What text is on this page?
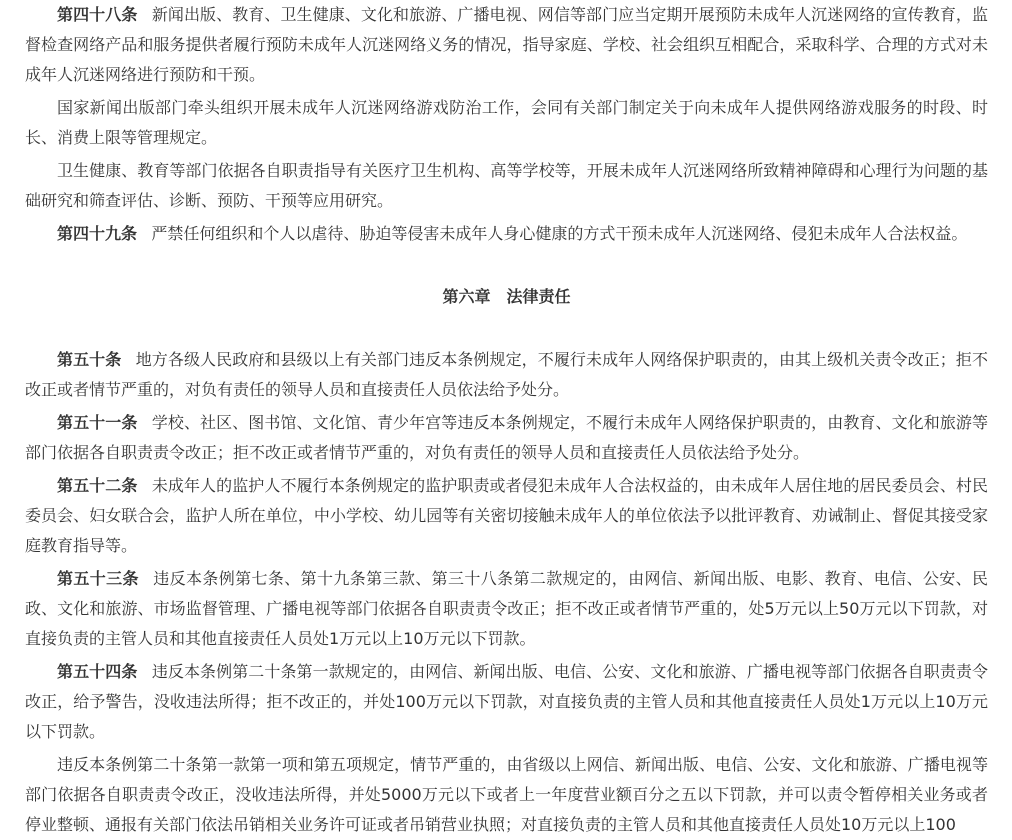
第四十八条 新闻出版、教育、卫生健康、文化和旅游、广播电视、网信等部门应当定期开展预防未成年人沉迷网络的宣传教育，监督检查网络产品和服务提供者履行预防未成年人沉迷网络义务的情况，指导家庭、学校、社会组织互相配合，采取科学、合理的方式对未成年人沉迷网络进行预防和干预。

国家新闻出版部门牵头组织开展未成年人沉迷网络游戏防治工作，会同有关部门制定关于向未成年人提供网络游戏服务的时段、时长、消费上限等管理规定。

卫生健康、教育等部门依据各自职责指导有关医疗卫生机构、高等学校等，开展未成年人沉迷网络所致精神障碍和心理行为问题的基础研究和筛查评估、诊断、预防、干预等应用研究。

第四十九条 严禁任何组织和个人以虐待、胁迫等侵害未成年人身心健康的方式干预未成年人沉迷网络、侵犯未成年人合法权益。

第六章　法律责任

第五十条 地方各级人民政府和县级以上有关部门违反本条例规定，不履行未成年人网络保护职责的，由其上级机关责令改正；拒不改正或者情节严重的，对负有责任的领导人员和直接责任人员依法给予处分。

第五十一条 学校、社区、图书馆、文化馆、青少年宫等违反本条例规定，不履行未成年人网络保护职责的，由教育、文化和旅游等部门依据各自职责责令改正；拒不改正或者情节严重的，对负有责任的领导人员和直接责任人员依法给予处分。

第五十二条 未成年人的监护人不履行本条例规定的监护职责或者侵犯未成年人合法权益的，由未成年人居住地的居民委员会、村民委员会、妇女联合会，监护人所在单位，中小学校、幼儿园等有关密切接触未成年人的单位依法予以批评教育、劝诫制止、督促其接受家庭教育指导等。

第五十三条 违反本条例第七条、第十九条第三款、第三十八条第二款规定的，由网信、新闻出版、电影、教育、电信、公安、民政、文化和旅游、市场监督管理、广播电视等部门依据各自职责责令改正；拒不改正或者情节严重的，处5万元以上50万元以下罚款，对直接负责的主管人员和其他直接责任人员处1万元以上10万元以下罚款。

第五十四条 违反本条例第二十条第一款规定的，由网信、新闻出版、电信、公安、文化和旅游、广播电视等部门依据各自职责责令改正，给予警告，没收违法所得；拒不改正的，并处100万元以下罚款，对直接负责的主管人员和其他直接责任人员处1万元以上10万元以下罚款。

违反本条例第二十条第一款第一项和第五项规定，情节严重的，由省级以上网信、新闻出版、电信、公安、文化和旅游、广播电视等部门依据各自职责责令改正，没收违法所得，并处5000万元以下或者上一年度营业额百分之五以下罚款，并可以责令暂停相关业务或者停业整顿、通报有关部门依法吊销相关业务许可证或者吊销营业执照；对直接负责的主管人员和其他直接责任人员处10万元以上100
